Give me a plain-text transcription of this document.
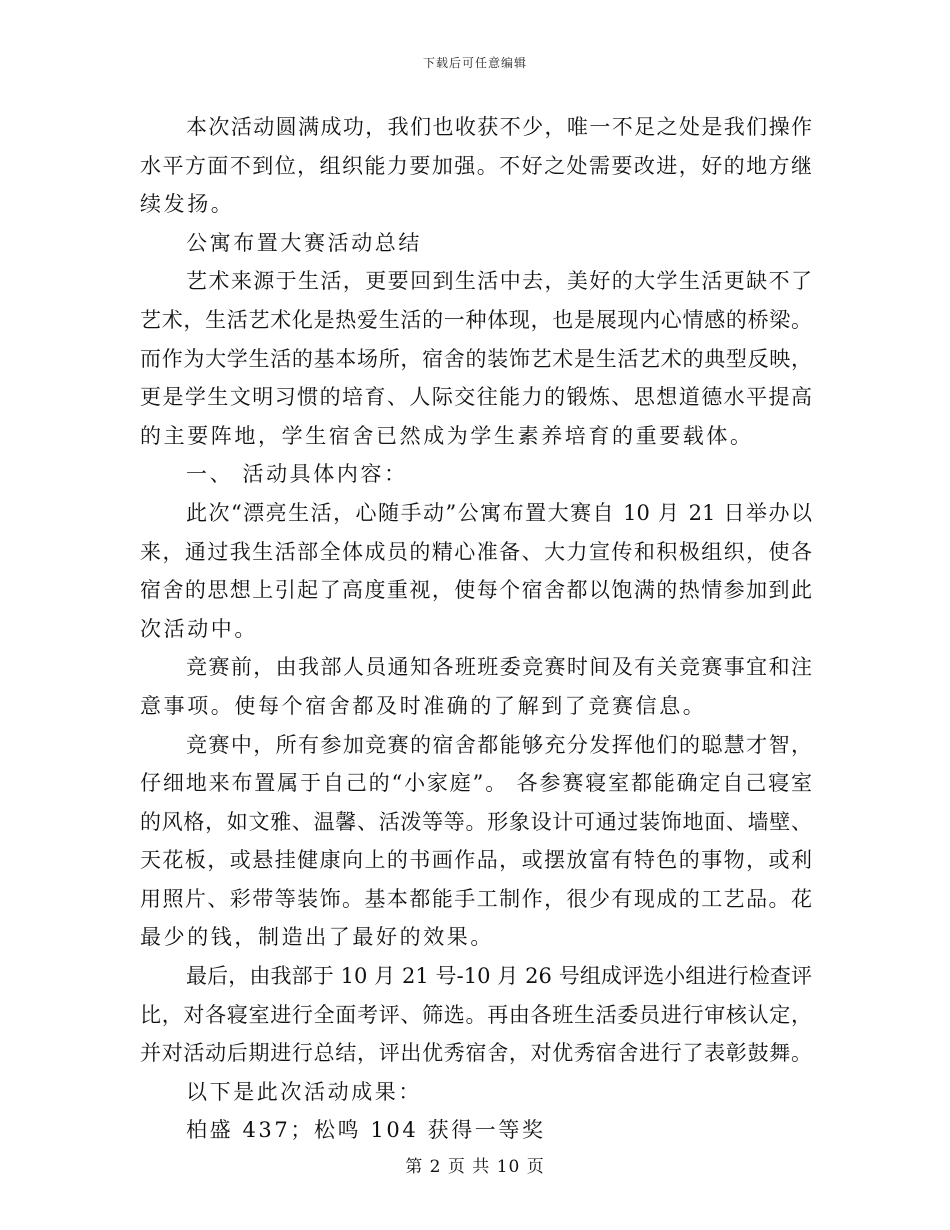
下载后可任意编辑
本次活动圆满成功，我们也收获不少，唯一不足之处是我们操作
水平方面不到位，组织能力要加强。不好之处需要改进，好的地方继
续发扬。
公寓布置大赛活动总结
艺术来源于生活，更要回到生活中去，美好的大学生活更缺不了
艺术，生活艺术化是热爱生活的一种体现，也是展现内心情感的桥梁。
而作为大学生活的基本场所，宿舍的装饰艺术是生活艺术的典型反映，
更是学生文明习惯的培育、人际交往能力的锻炼、思想道德水平提高
的主要阵地，学生宿舍已然成为学生素养培育的重要载体。
一、 活动具体内容：
此次“漂亮生活，心随手动”公寓布置大赛自 10 月 21 日举办以
来，通过我生活部全体成员的精心准备、大力宣传和积极组织，使各
宿舍的思想上引起了高度重视，使每个宿舍都以饱满的热情参加到此
次活动中。
竞赛前，由我部人员通知各班班委竞赛时间及有关竞赛事宜和注
意事项。使每个宿舍都及时准确的了解到了竞赛信息。
竞赛中，所有参加竞赛的宿舍都能够充分发挥他们的聪慧才智，
仔细地来布置属于自己的“小家庭”。 各参赛寝室都能确定自己寝室
的风格，如文雅、温馨、活泼等等。形象设计可通过装饰地面、墙壁、
天花板，或悬挂健康向上的书画作品，或摆放富有特色的事物，或利
用照片、彩带等装饰。基本都能手工制作，很少有现成的工艺品。花
最少的钱，制造出了最好的效果。
最后，由我部于 10 月 21 号-10 月 26 号组成评选小组进行检查评
比，对各寝室进行全面考评、筛选。再由各班生活委员进行审核认定，
并对活动后期进行总结，评出优秀宿舍，对优秀宿舍进行了表彰鼓舞。
以下是此次活动成果：
柏盛 437；松鸣 104 获得一等奖
第 2 页 共 10 页
